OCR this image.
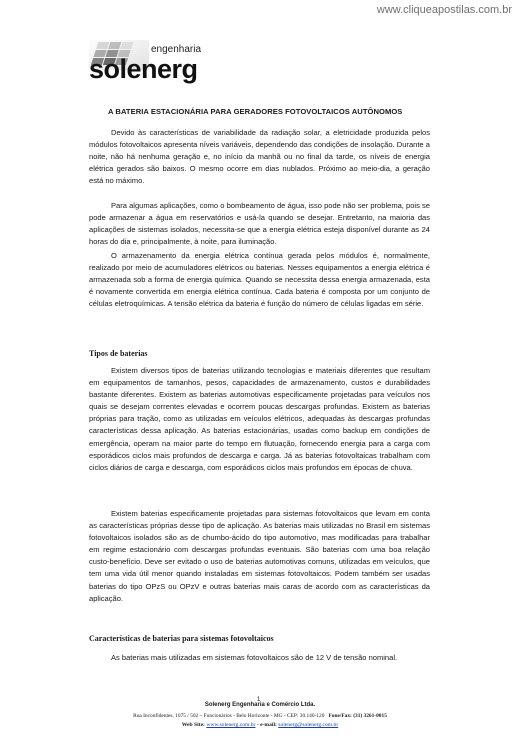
www.cliqueapostilas.com.br
engenharia
solenerg
A BATERIA ESTACIONÁRIA PARA GERADORES FOTOVOLTAICOS AUTÔNOMOS

Devido às características de variabilidade da radiação solar, a eletricidade produzida pelos módulos fotovoltaicos apresenta níveis variáveis, dependendo das condições de insolação. Durante a noite, não há nenhuma geração e, no início da manhã ou no final da tarde, os níveis de energia elétrica gerados são baixos. O mesmo ocorre em dias nublados. Próximo ao meio-dia, a geração está no máximo.

Para algumas aplicações, como o bombeamento de água, isso pode não ser problema, pois se pode armazenar a água em reservatórios e usá-la quando se desejar. Entretanto, na maioria das aplicações de sistemas isolados, necessita-se que a energia elétrica esteja disponível durante as 24 horas do dia e, principalmente, à noite, para iluminação.

O armazenamento da energia elétrica contínua gerada pelos módulos é, normalmente, realizado por meio de acumuladores elétricos ou baterias. Nesses equipamentos a energia elétrica é armazenada sob a forma de energia química. Quando se necessita dessa energia armazenada, esta é novamente convertida em energia elétrica contínua. Cada bateria é composta por um conjunto de células eletroquímicas. A tensão elétrica da bateria é função do número de células ligadas em série.

Tipos de baterias

Existem diversos tipos de baterias utilizando tecnologias e materiais diferentes que resultam em equipamentos de tamanhos, pesos, capacidades de armazenamento, custos e durabilidades bastante diferentes. Existem as baterias automotivas especificamente projetadas para veículos nos quais se desejam correntes elevadas e ocorrem poucas descargas profundas. Existem as baterias próprias para tração, como as utilizadas em veículos elétricos, adequadas às descargas profundas características dessa aplicação. As baterias estacionárias, usadas como backup em condições de emergência, operam na maior parte do tempo em flutuação, fornecendo energia para a carga com esporádicos ciclos mais profundos de descarga e carga. Já as baterias fotovoltaicas trabalham com ciclos diários de carga e descarga, com esporádicos ciclos mais profundos em épocas de chuva.

Existem baterias especificamente projetadas para sistemas fotovoltaicos que levam em conta as características próprias desse tipo de aplicação. As baterias mais utilizadas no Brasil em sistemas fotovoltaicos isolados são as de chumbo-ácido do tipo automotivo, mas modificadas para trabalhar em regime estacionário com descargas profundas eventuais. São baterias com uma boa relação custo-benefício. Deve ser evitado o uso de baterias automotivas comuns, utilizadas em veículos, que tem uma vida útil menor quando instaladas em sistemas fotovoltaicos. Podem também ser usadas baterias do tipo OPzS ou OPzV e outras baterias mais caras de acordo com as características da aplicação.

Características de baterias para sistemas fotovoltaicos

As baterias mais utilizadas em sistemas fotovoltaicos são de 12 V de tensão nominal.

1
Solenerg Engenharia e Comércio Ltda.
Rua Inconfidentes, 1075 / 502 – Funcionários - Belo Horizonte - MG - CEP: 30.140-120 Fone/Fax: (31) 3261-0015
Web Site: www.solenerg.com.br - e-mail: solenerg@solenerg.com.br
